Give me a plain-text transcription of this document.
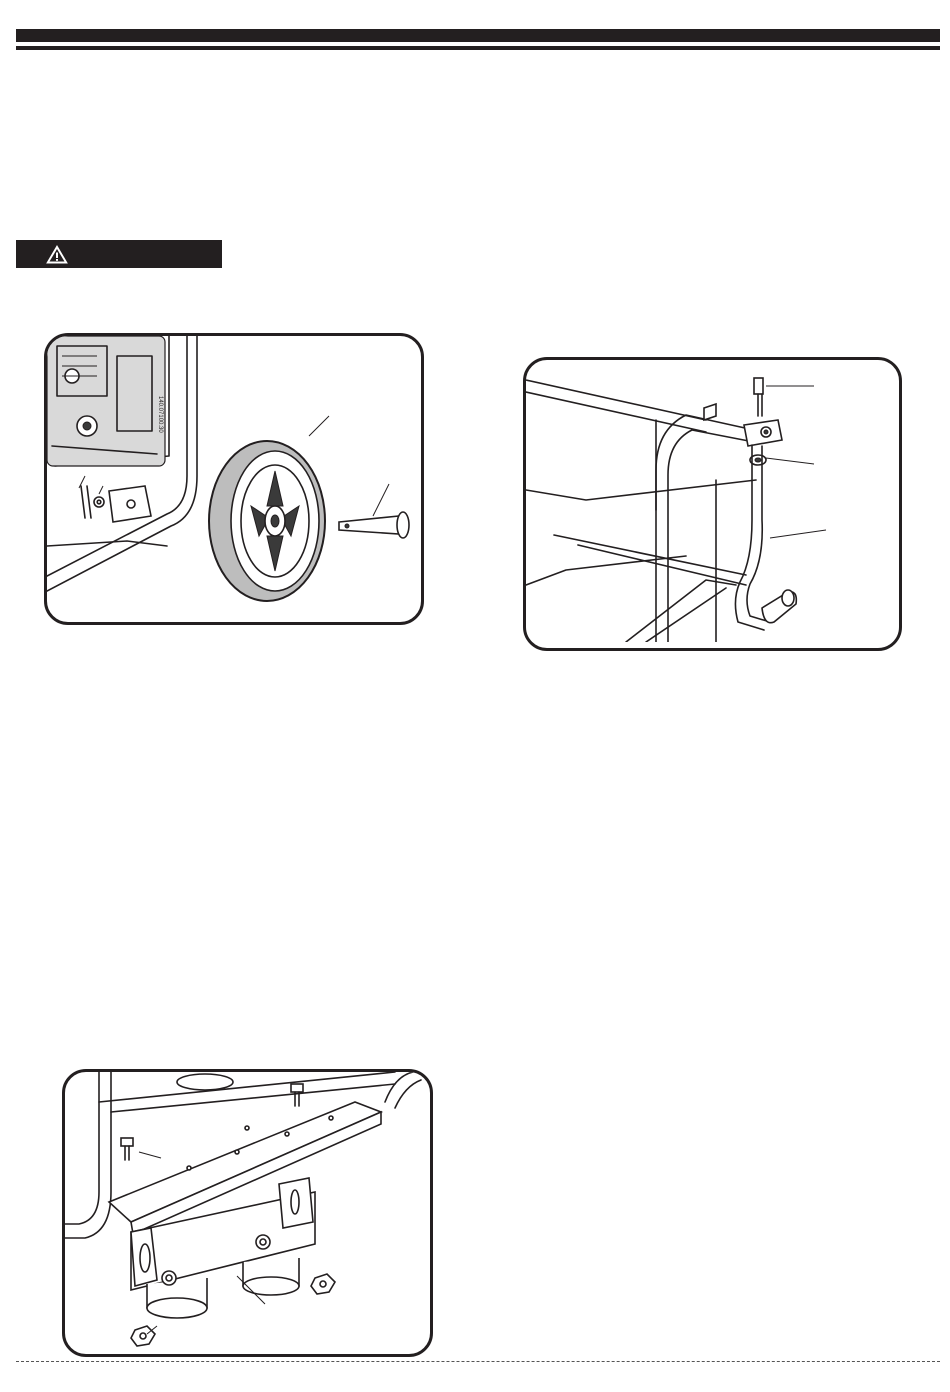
140.07100.30
